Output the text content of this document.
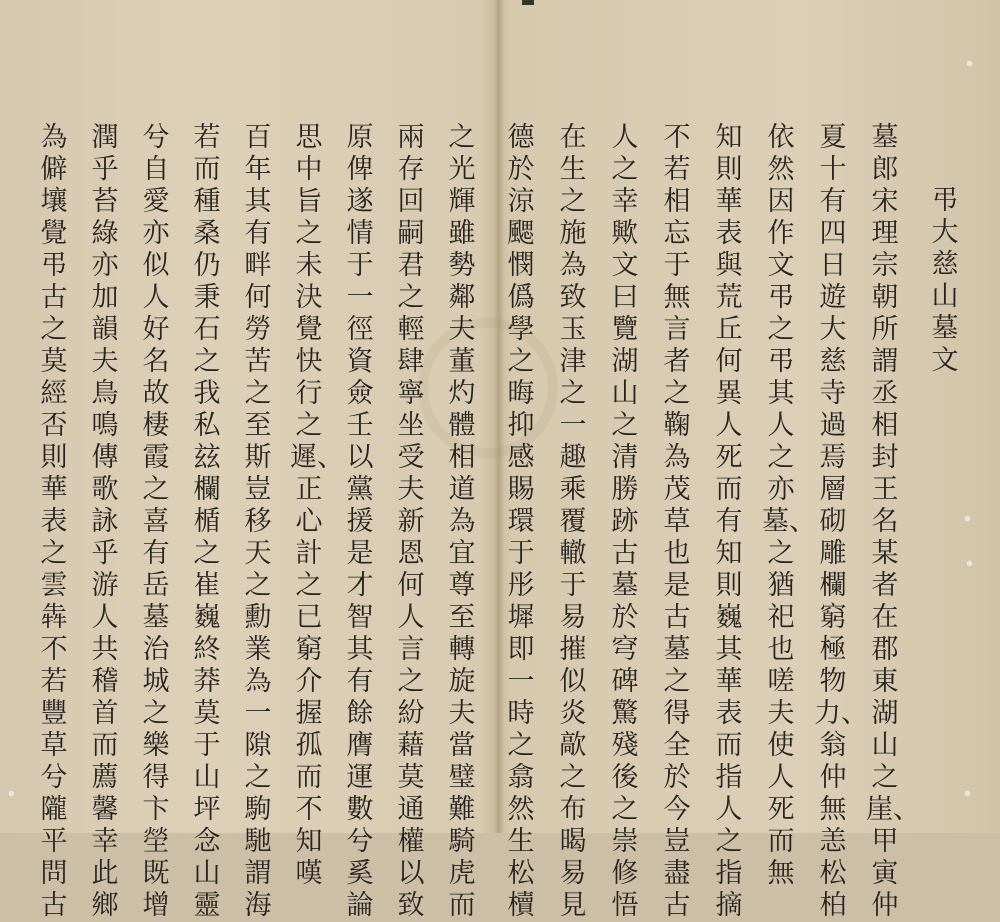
弔大慈山墓文
墓郎宋理宗朝所謂丞相封王名某者在郡東湖山之崖、甲寅仲
夏十有四日遊大慈寺過焉層砌雕欄窮極物力、翁仲無恙松柏
依然因作文弔之弔其人之亦墓、之猶祀也嗟夫使人死而無
知則華表與荒丘何異人死而有知則巍其華表而指人之指摘
不若相忘于無言者之鞠為茂草也是古墓之得全於今豈盡古
人之幸歟文曰覽湖山之清勝跡古墓於穹碑驚殘後之崇修悟
在生之施為致玉津之一趣乘覆轍于易摧似炎歊之布暍易見
德於涼颸憫僞學之晦抑感賜環于彤墀即一時之翕然生松櫝
之光輝雖勢鄰夫董灼體相道為宜尊至轉旋夫當璧難騎虎而
兩存回嗣君之輕肆寧坐受夫新恩何人言之紛藉莫通權以致
原俾遂情于一徑資僉壬以黨援是才智其有餘膺運數兮奚論
思中旨之未決覺快行之遲、正心計之已窮介握孤而不知嘆
百年其有畔何勞苦之至斯豈移天之勳業為一隙之駒馳謂海
若而種桑仍秉石之我私玆欄楯之崔巍終莽莫于山坪念山靈
兮自愛亦似人好名故棲霞之喜有岳墓治城之樂得卞塋既增
潤乎苔綠亦加韻夫鳥鳴傳歌詠乎游人共稽首而薦馨幸此鄉
為僻壤覺弔古之莫經否則華表之雲犇不若豐草兮隴平問古
